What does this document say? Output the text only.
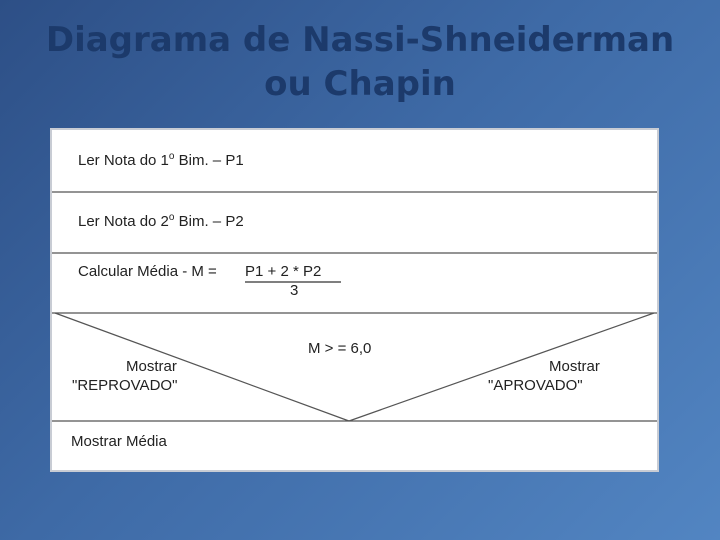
Diagrama de Nassi-Shneiderman
ou Chapin
Ler Nota do 1$^o$ Bim. – P1
Ler Nota do 2$^o$ Bim. – P2
Calcular Média - M = P1 + 2 * P2
3
M > = 6,0
Mostrar
"REPROVADO"
Mostrar
"APROVADO"
Mostrar Média
